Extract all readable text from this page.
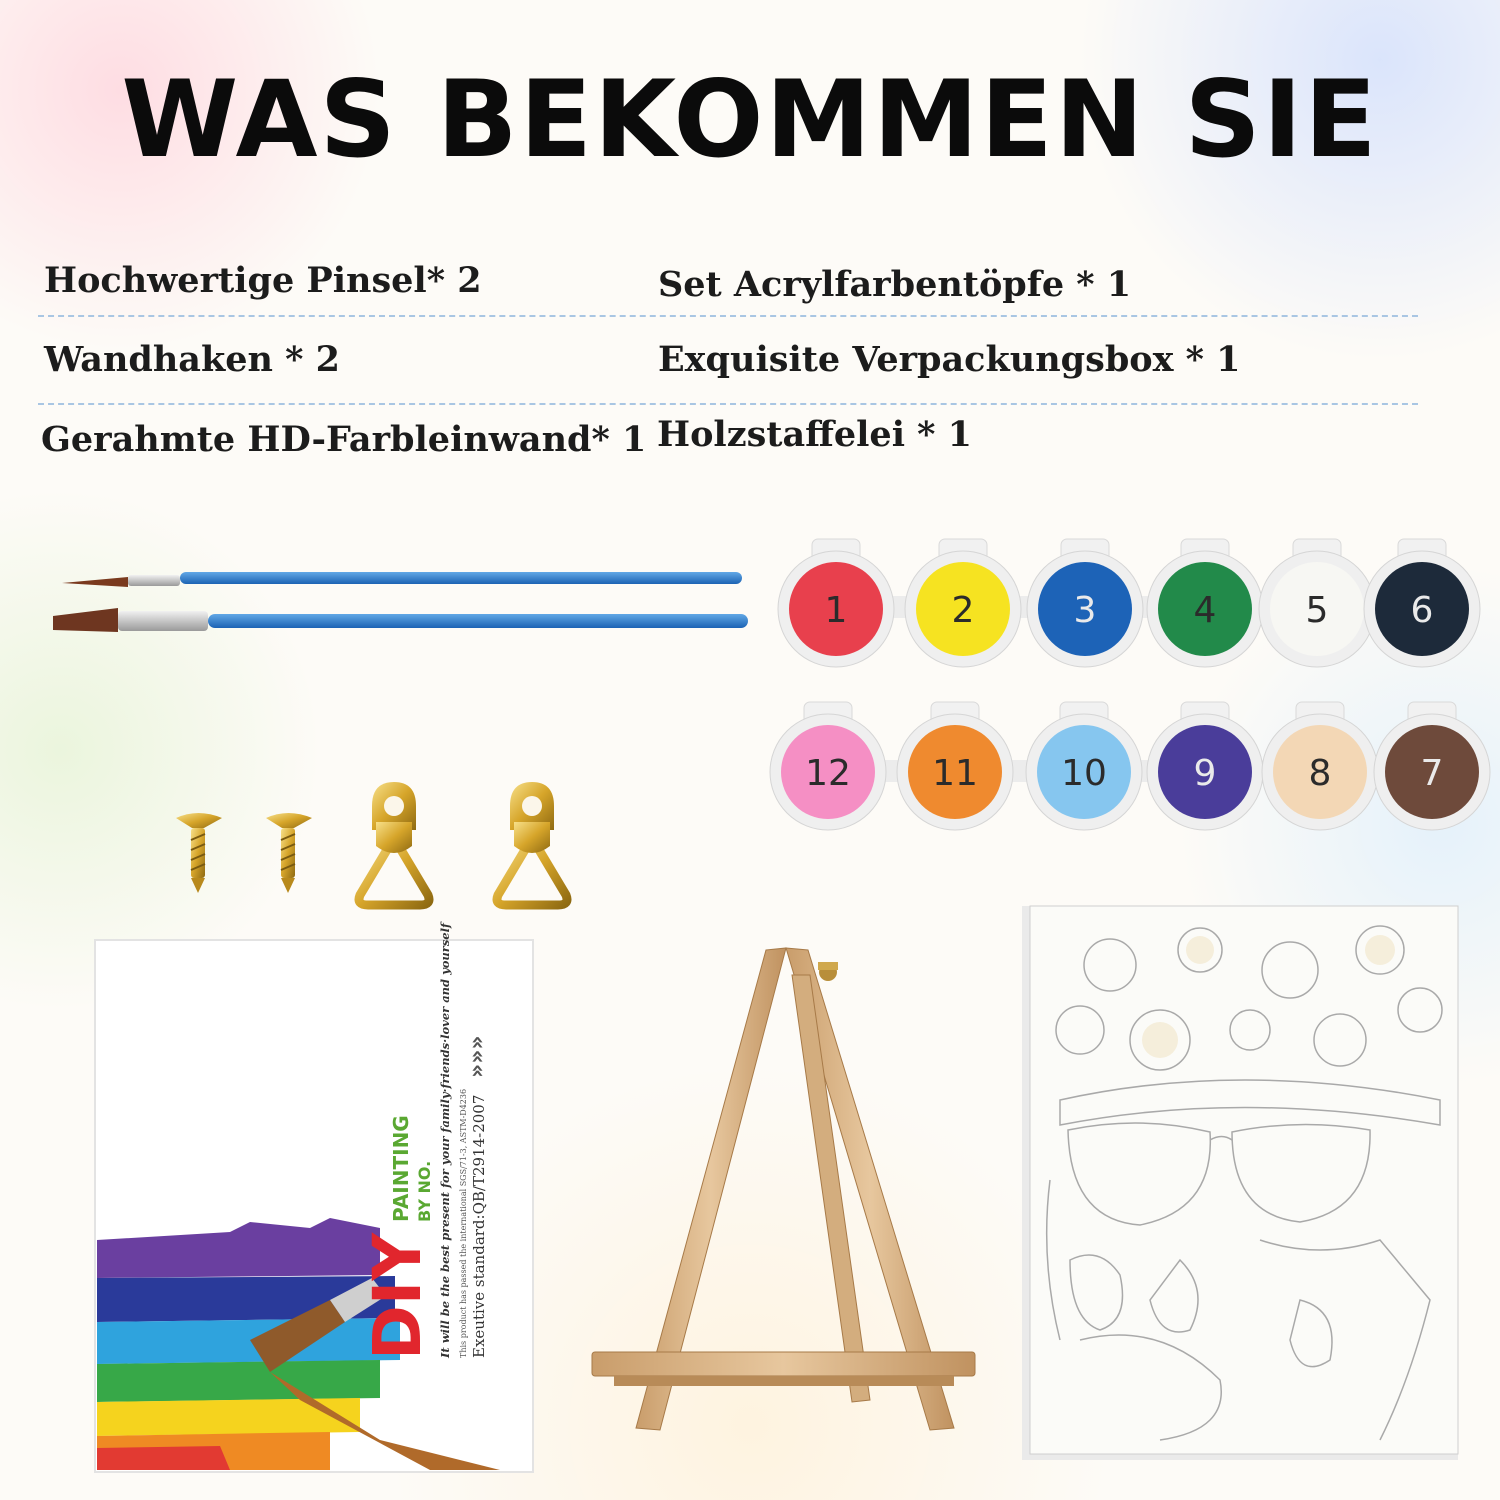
WAS BEKOMMEN SIE
Hochwertige Pinsel* 2	Set Acrylfarbentöpfe * 1
Wandhaken * 2	Exquisite Verpackungsbox * 1
Gerahmte HD-Farbleinwand* 1 Holzstaffelei * 1
1	2	3	4 5 6
12 11 10 9	8 7
DIY
PAINTING BY NO. It will be the best present for your family·friends·lover and yourself This product has passed the international SGS/71-3, ASTM-D4236 Exeutive standard:QB/T2914-2007
»»»
